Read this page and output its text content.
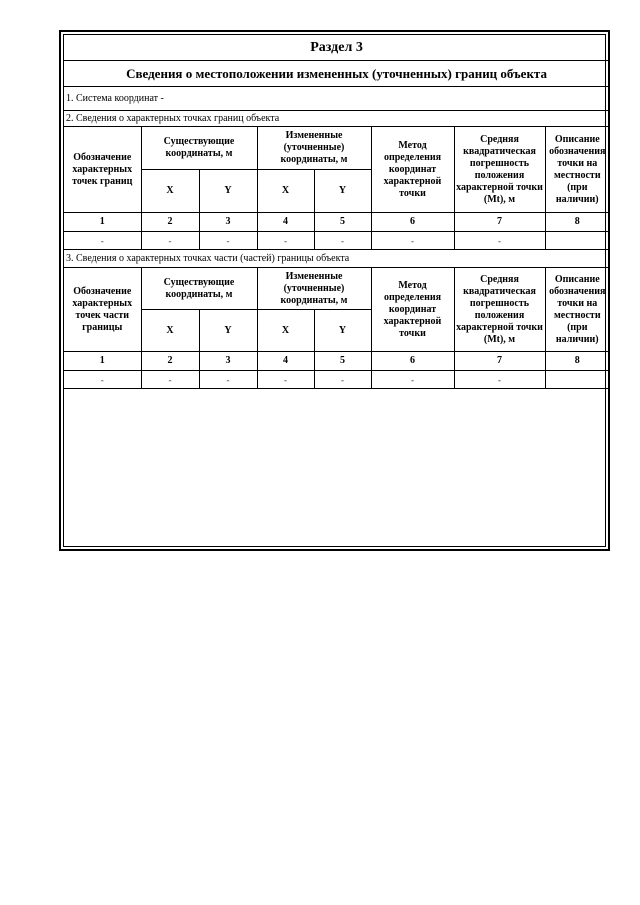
Раздел 3							
Сведения о местоположении измененных (уточненных) границ объекта							
1. Система координат -							
2. Сведения о характерных точках границ объекта							
Обозначение характерных точек границ	Существующие координаты, м		Измененные (уточненные) координаты, м		Метод определения координат характерной точки	Средняя квадратическая погрешность положения характерной точки (Mt), м	Описание обозначения точки на местности (при наличии)
	X	Y	X	Y			
1	2	3	4	5	6	7	8
-	-	-	-	-	-	-	
3. Сведения о характерных точках части (частей) границы объекта							
Обозначение характерных точек части границы	Существующие координаты, м		Измененные (уточненные) координаты, м		Метод определения координат характерной точки	Средняя квадратическая погрешность положения характерной точки (Mt), м	Описание обозначения точки на местности (при наличии)
	X	Y	X	Y			
1	2	3	4	5	6	7	8
-	-	-	-	-	-	-	
